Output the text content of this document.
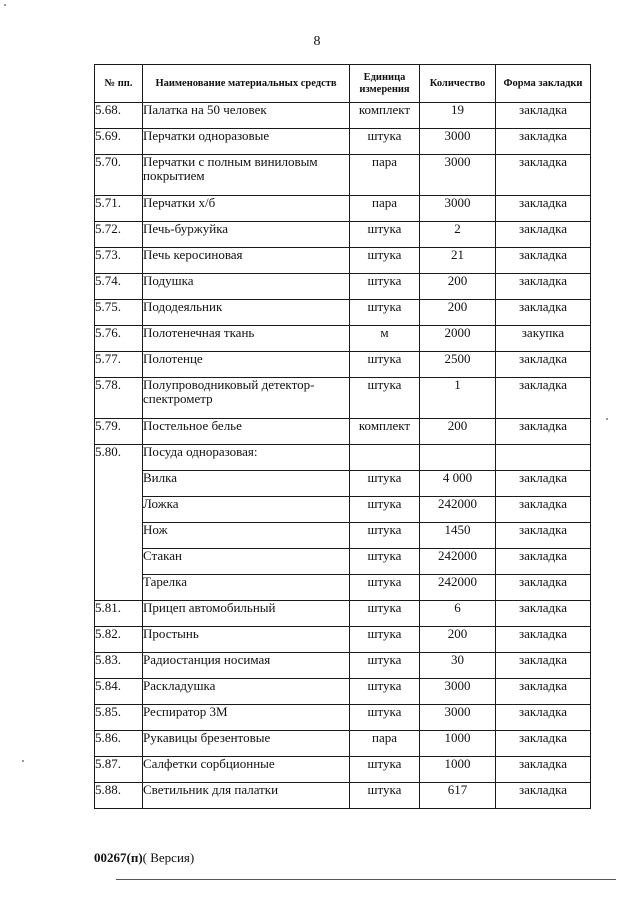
8
№ пп.	Наименование материальных средств	Единица измерения	Количество	Форма закладки
5.68.	Палатка на 50 человек	комплект	19	закладка
5.69.	Перчатки одноразовые	штука	3000	закладка
5.70.	Перчатки с полным виниловым покрытием	пара	3000	закладка
5.71.	Перчатки х/б	пара	3000	закладка
5.72.	Печь-буржуйка	штука	2	закладка
5.73.	Печь керосиновая	штука	21	закладка
5.74.	Подушка	штука	200	закладка
5.75.	Пододеяльник	штука	200	закладка
5.76.	Полотенечная ткань	м	2000	закупка
5.77.	Полотенце	штука	2500	закладка
5.78.	Полупроводниковый детектор-спектрометр	штука	1	закладка
5.79.	Постельное белье	комплект	200	закладка
5.80.	Посуда одноразовая:			
	Вилка	штука	4 000	закладка
	Ложка	штука	242000	закладка
	Нож	штука	1450	закладка
	Стакан	штука	242000	закладка
	Тарелка	штука	242000	закладка
5.81.	Прицеп автомобильный	штука	6	закладка
5.82.	Простынь	штука	200	закладка
5.83.	Радиостанция носимая	штука	30	закладка
5.84.	Раскладушка	штука	3000	закладка
5.85.	Респиратор 3М	штука	3000	закладка
5.86.	Рукавицы брезентовые	пара	1000	закладка
5.87.	Салфетки сорбционные	штука	1000	закладка
5.88.	Светильник для палатки	штука	617	закладка
00267(п)( Версия)
